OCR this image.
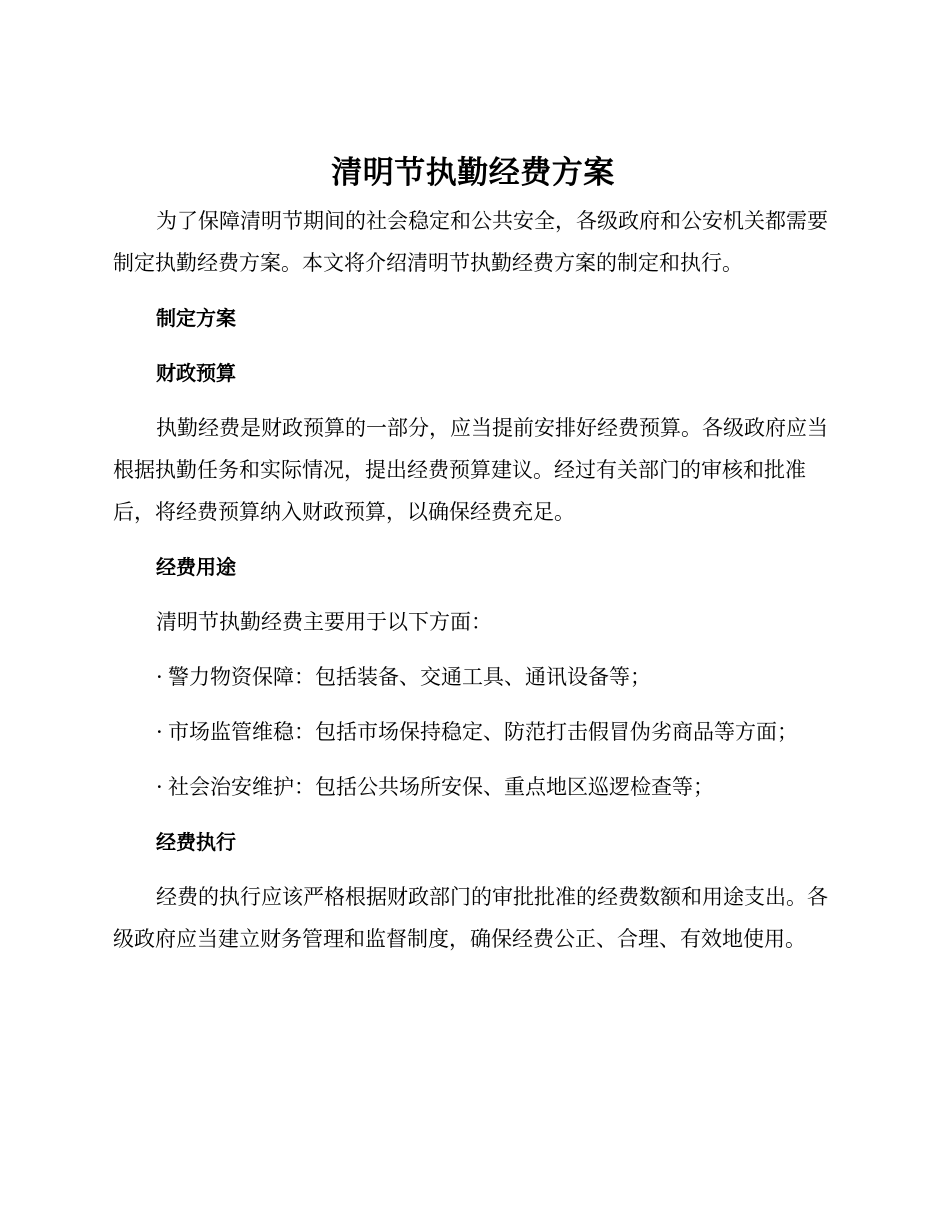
清明节执勤经费方案

为了保障清明节期间的社会稳定和公共安全，各级政府和公安机关都需要制定执勤经费方案。本文将介绍清明节执勤经费方案的制定和执行。

制定方案
财政预算

执勤经费是财政预算的一部分，应当提前安排好经费预算。各级政府应当根据执勤任务和实际情况，提出经费预算建议。经过有关部门的审核和批准后，将经费预算纳入财政预算，以确保经费充足。

经费用途
清明节执勤经费主要用于以下方面：
· 警力物资保障：包括装备、交通工具、通讯设备等；
· 市场监管维稳：包括市场保持稳定、防范打击假冒伪劣商品等方面；
· 社会治安维护：包括公共场所安保、重点地区巡逻检查等；
经费执行

经费的执行应该严格根据财政部门的审批批准的经费数额和用途支出。各级政府应当建立财务管理和监督制度，确保经费公正、合理、有效地使用。
